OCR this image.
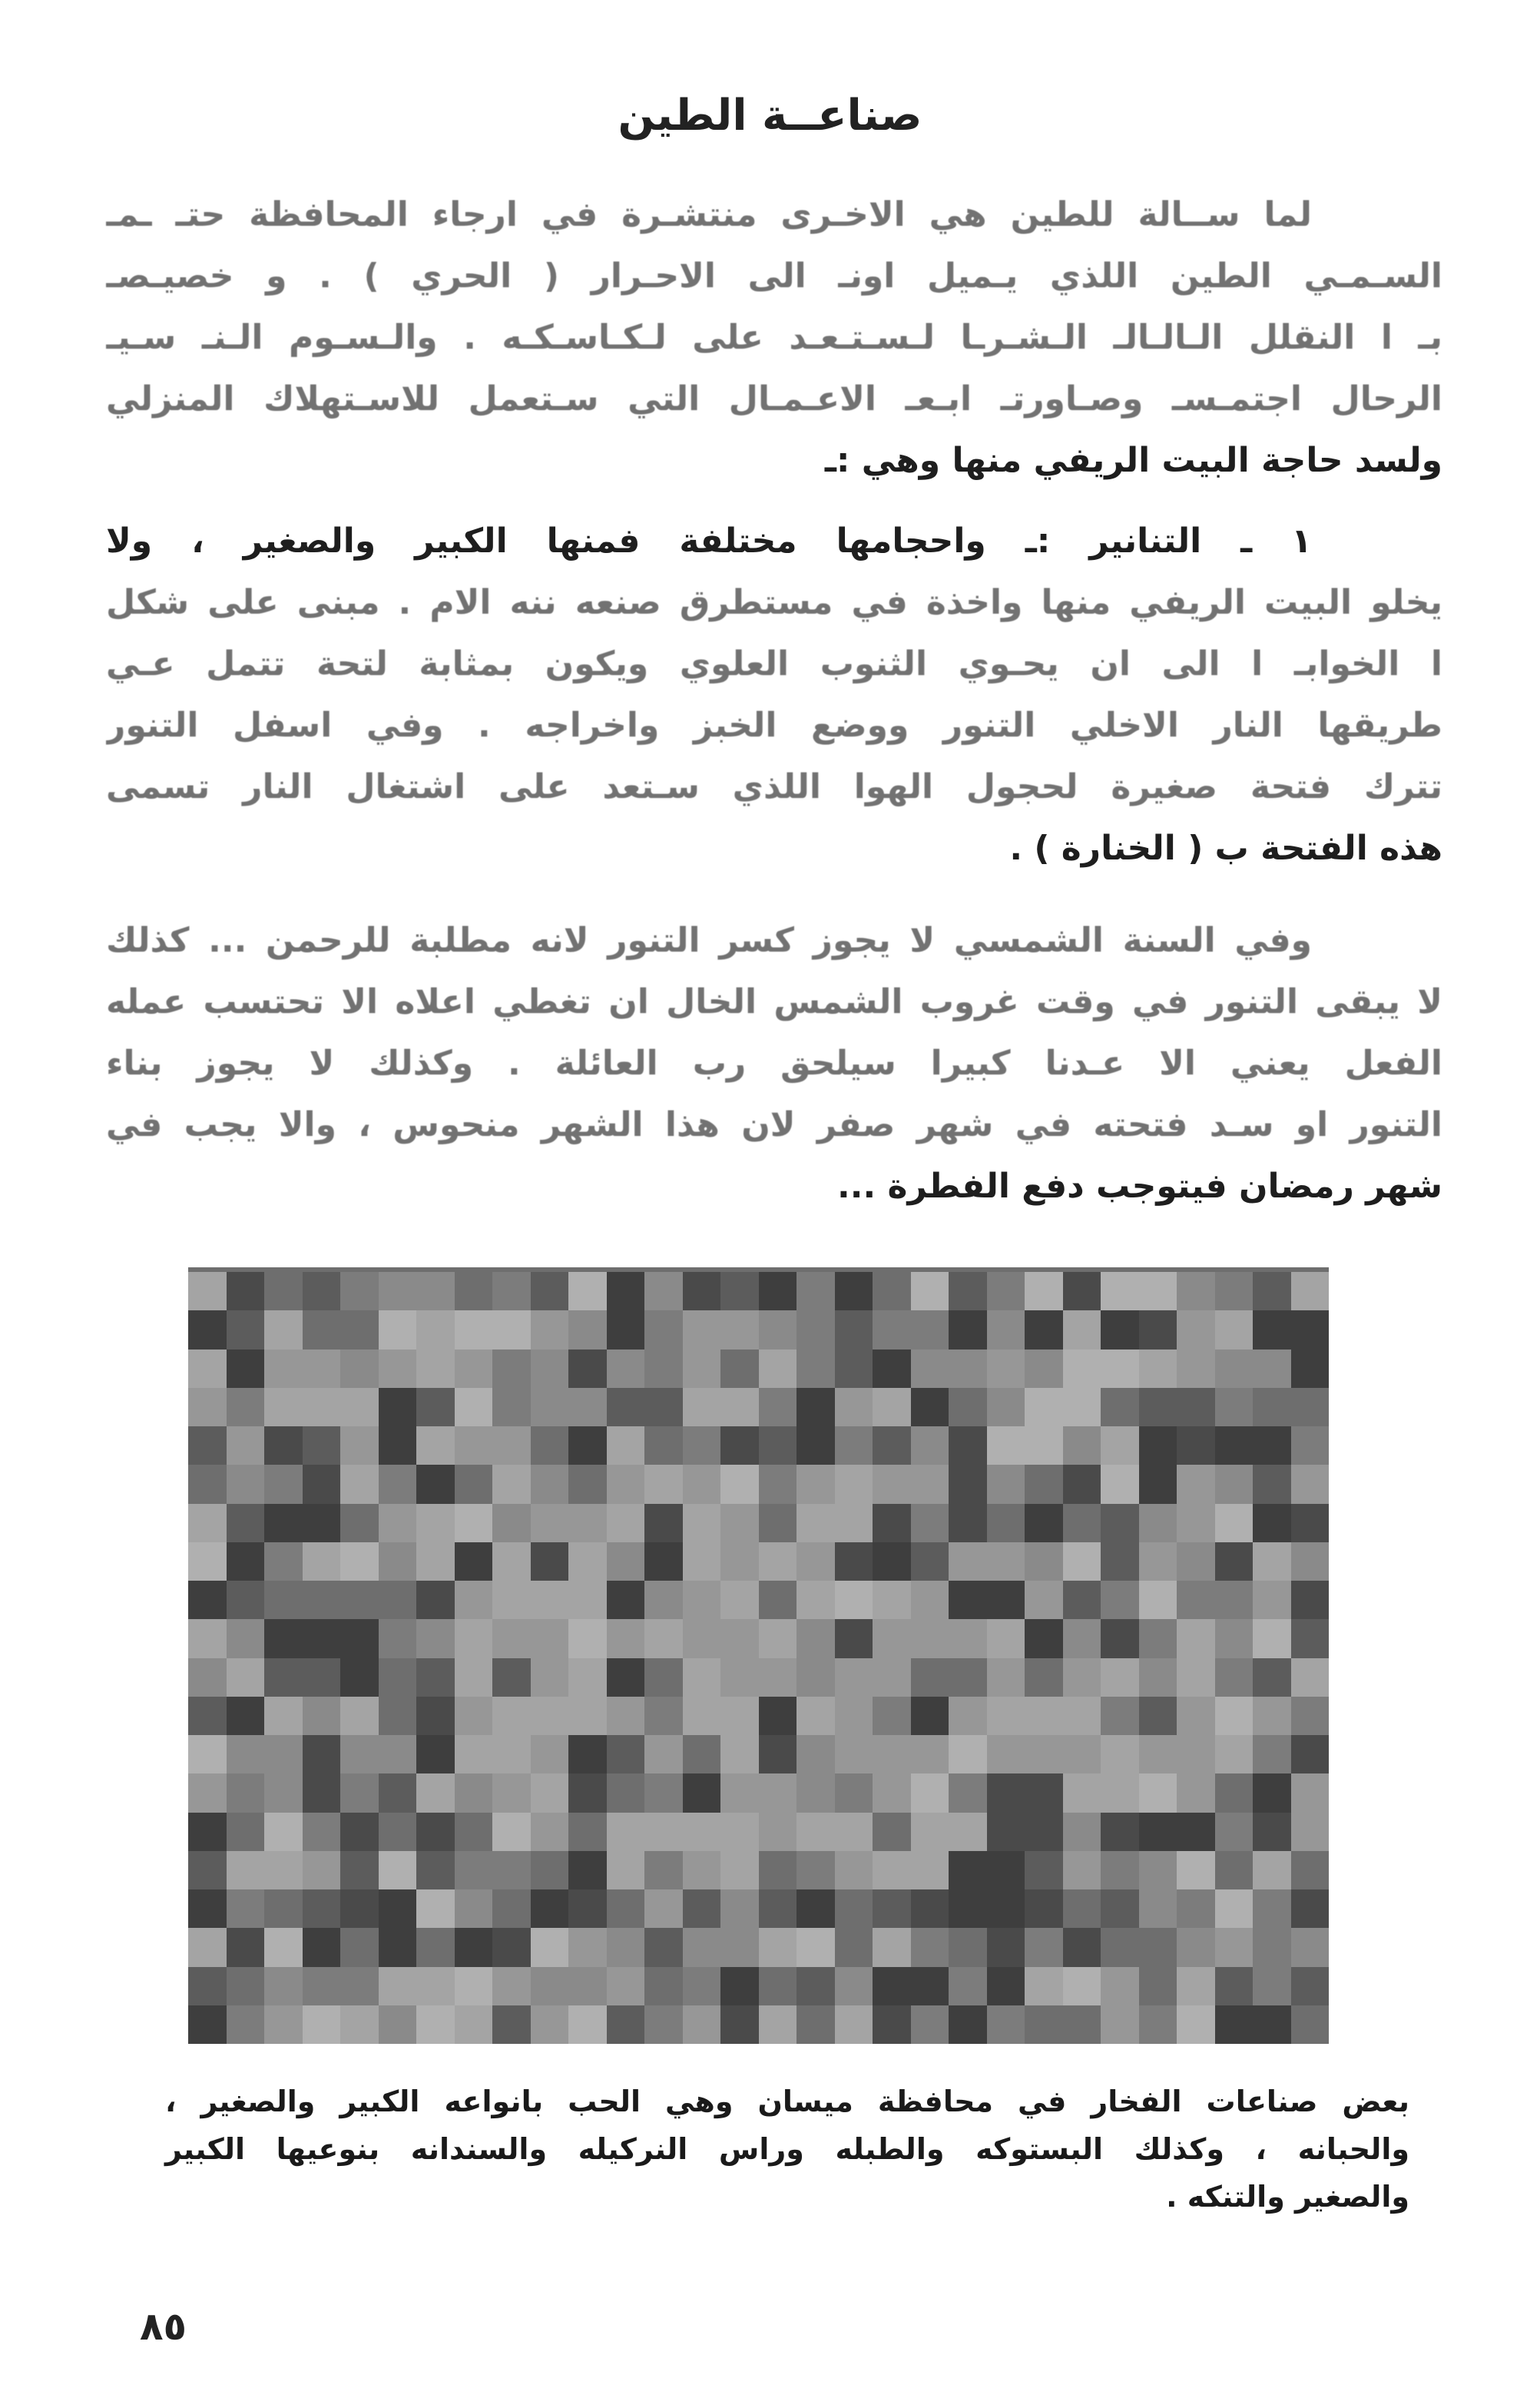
صناعــة الطين
لما ســالة للطين هي الاخـرى منتشـرة في ارجاء المحافظة حتـ ـمـ
السـمـي الطين اللذي يـميل اونـ الى الاحـرار ( الحري ) . و خصيـصـ
بـ ا النقلل الـالـالـ الـشـرـا لـسـتـعـد على لـكـاسـكـه . والـسـوم الـنـ سـيـ
الرحال اجتمـسـ وصـاورتـ ابـعـ الاعـمـال التي سـتعمل للاسـتهلاك المنزلي
ولسد حاجة البيت الريفي منها وهي :ـ
١ ـ التنانير :ـ واحجامها مختلفة فمنها الكبير والصغير ، ولا
يخلو البيت الريفي منها واخذة في مستطرق صنعه ننه الام . مبنى على شكل
ا الخوابـ ا الى ان يحـوي الثنوب العلوي ويكون بمثابة لتحة تتمل عـي
طريقها النار الاخلي التنور ووضع الخبز واخراجه . وفي اسفل التنور
تترك فتحة صغيرة لحجول الهوا اللذي سـتعد على اشتغال النار تسمى
هذه الفتحة ب ( الخنارة ) .
وفي السنة الشمسي لا يجوز كسر التنور لانه مطلبة للرحمن ... كذلك
لا يبقى التنور في وقت غروب الشمس الخال ان تغطي اعلاه الا تحتسب عمله
الفعل يعني الا عـدنا كبيرا سيلحق رب العائلة . وكذلك لا يجوز بناء
التنور او سـد فتحته في شهر صفر لان هذا الشهر منحوس ، والا يجب في
شهر رمضان فيتوجب دفع الفطرة ...
بعض صناعات الفخار في محافظة ميسان وهي الحب بانواعه الكبير والصغير ،
والحبانه ، وكذلك البستوكه والطبله وراس النركيله والسندانه بنوعيها الكبير
والصغير والتنكه .
٨٥
